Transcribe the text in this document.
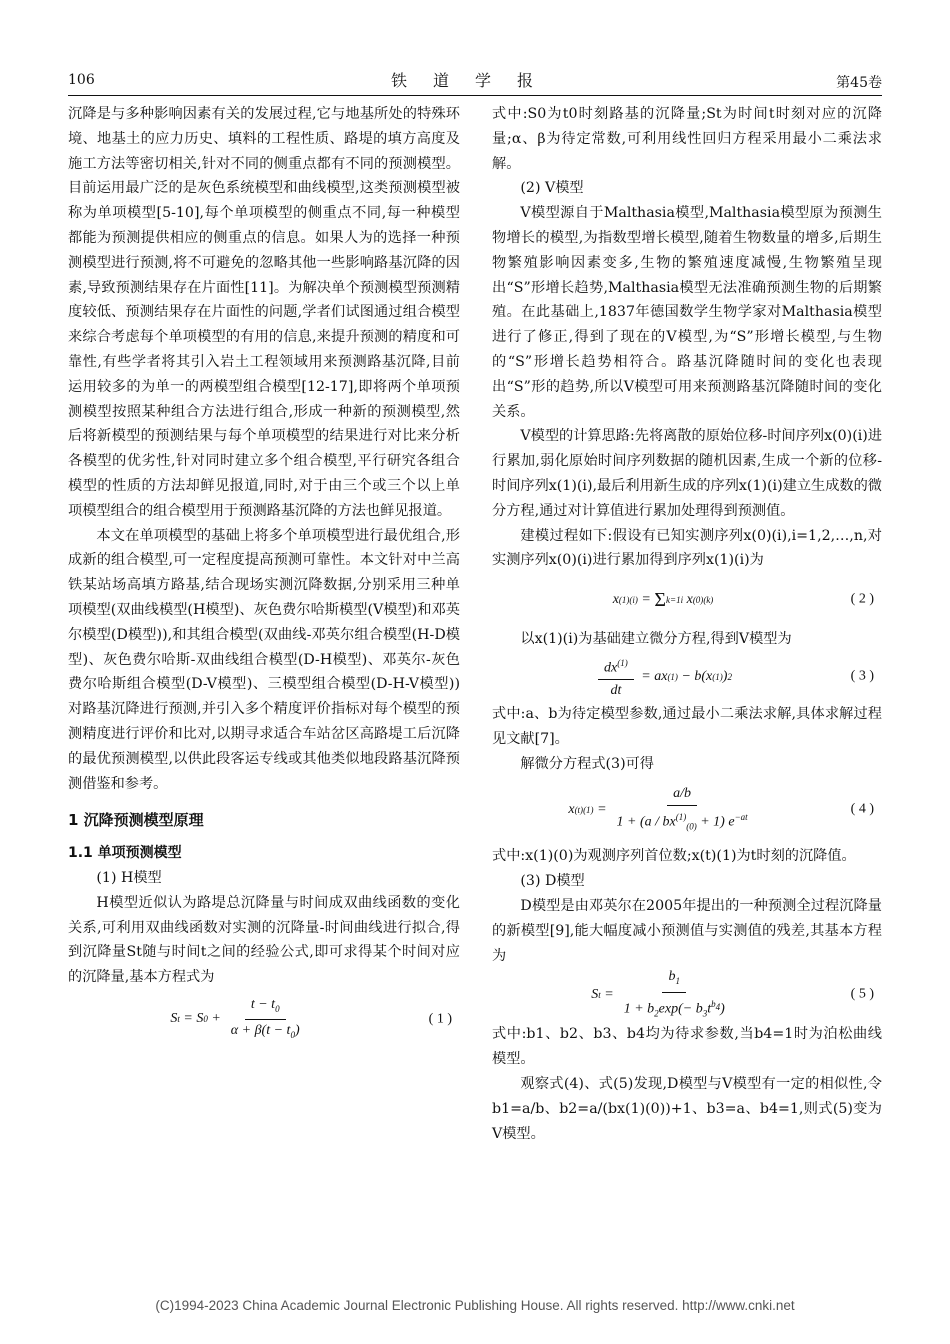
106	铁道学报	第45卷

沉降是与多种影响因素有关的发展过程,它与地基所处的特殊环境、地基土的应力历史、填料的工程性质、路堤的填方高度及施工方法等密切相关,针对不同的侧重点都有不同的预测模型。目前运用最广泛的是灰色系统模型和曲线模型,这类预测模型被称为单项模型[5-10],每个单项模型的侧重点不同,每一种模型都能为预测提供相应的侧重点的信息。如果人为的选择一种预测模型进行预测,将不可避免的忽略其他一些影响路基沉降的因素,导致预测结果存在片面性[11]。为解决单个预测模型预测精度较低、预测结果存在片面性的问题,学者们试图通过组合模型来综合考虑每个单项模型的有用的信息,来提升预测的精度和可靠性,有些学者将其引入岩土工程领域用来预测路基沉降,目前运用较多的为单一的两模型组合模型[12-17],即将两个单项预测模型按照某种组合方法进行组合,形成一种新的预测模型,然后将新模型的预测结果与每个单项模型的结果进行对比来分析各模型的优劣性,针对同时建立多个组合模型,平行研究各组合模型的性质的方法却鲜见报道,同时,对于由三个或三个以上单项模型组合的组合模型用于预测路基沉降的方法也鲜见报道。

本文在单项模型的基础上将多个单项模型进行最优组合,形成新的组合模型,可一定程度提高预测可靠性。本文针对中兰高铁某站场高填方路基,结合现场实测沉降数据,分别采用三种单项模型(双曲线模型(H模型)、灰色费尔哈斯模型(V模型)和邓英尔模型(D模型)),和其组合模型(双曲线-邓英尔组合模型(H-D模型)、灰色费尔哈斯-双曲线组合模型(D-H模型)、邓英尔-灰色费尔哈斯组合模型(D-V模型)、三模型组合模型(D-H-V模型))对路基沉降进行预测,并引入多个精度评价指标对每个模型的预测精度进行评价和比对,以期寻求适合车站岔区高路堤工后沉降的最优预测模型,以供此段客运专线或其他类似地段路基沉降预测借鉴和参考。

1 沉降预测模型原理
1.1 单项预测模型

(1) H模型

H模型近似认为路堤总沉降量与时间成双曲线函数的变化关系,可利用双曲线函数对实测的沉降量-时间曲线进行拟合,得到沉降量St随与时间t之间的经验公式,即可求得某个时间对应的沉降量,基本方程式为

S t = S $0 + \frac{t - t_0}{\alpha + \beta(t - t_0)}$	( 1 )

式中:S0为t0时刻路基的沉降量;St为时间t时刻对应的沉降量;α、β为待定常数,可利用线性回归方程采用最小二乘法求解。

(2) V模型

V模型源自于Malthasia模型,Malthasia模型原为预测生物增长的模型,为指数型增长模型,随着生物数量的增多,后期生物繁殖影响因素变多,生物的繁殖速度减慢,生物繁殖呈现出“S”形增长趋势,Malthasia模型无法准确预测生物的后期繁殖。在此基础上,1837年德国数学生物学家对Malthasia模型进行了修正,得到了现在的V模型,为“S”形增长模型,与生物的“S”形增长趋势相符合。路基沉降随时间的变化也表现出“S”形的趋势,所以V模型可用来预测路基沉降随时间的变化关系。

V模型的计算思路:先将离散的原始位移-时间序列x(0)(i)进行累加,弱化原始时间序列数据的随机因素,生成一个新的位移-时间序列x(1)(i),最后利用新生成的序列x(1)(i)建立生成数的微分方程,通过对计算值进行累加处理得到预测值。

建模过程如下:假设有已知实测序列x(0)(i),i=1,2,…,n,对实测序列x(0)(i)进行累加得到序列x(1)(i)为

x (1) (i) = Σ k=1 i x (0) (k)	( 2 )

以x(1)(i)为基础建立微分方程,得到V模型为

$\frac{dx^{(1)}}{dt}$ = ax (1) − b(x (1) ) 2	( 3 )

式中:a、b为待定模型参数,通过最小二乘法求解,具体求解过程见文献[7]。

解微分方程式(3)可得

x (t) $(1) = \frac{a/b}{1 + (a / bx^{(1)}_{(0)} + 1) e^{-at}}$	( 4 )

式中:x(1)(0)为观测序列首位数;x(t)(1)为t时刻的沉降值。

(3) D模型

D模型是由邓英尔在2005年提出的一种预测全过程沉降量的新模型[9],能大幅度减小预测值与实测值的残差,其基本方程为

S $t = \frac{b_1}{1 + b_2\exp(- b_3t^{b_4})}$	( 5 )

式中:b1、b2、b3、b4均为待求参数,当b4=1时为泊松曲线模型。

观察式(4)、式(5)发现,D模型与V模型有一定的相似性,令b1=a/b、b2=a/(bx(1)(0))+1、b3=a、b4=1,则式(5)变为V模型。

(C)1994-2023 China Academic Journal Electronic Publishing House. All rights reserved. http://www.cnki.net
